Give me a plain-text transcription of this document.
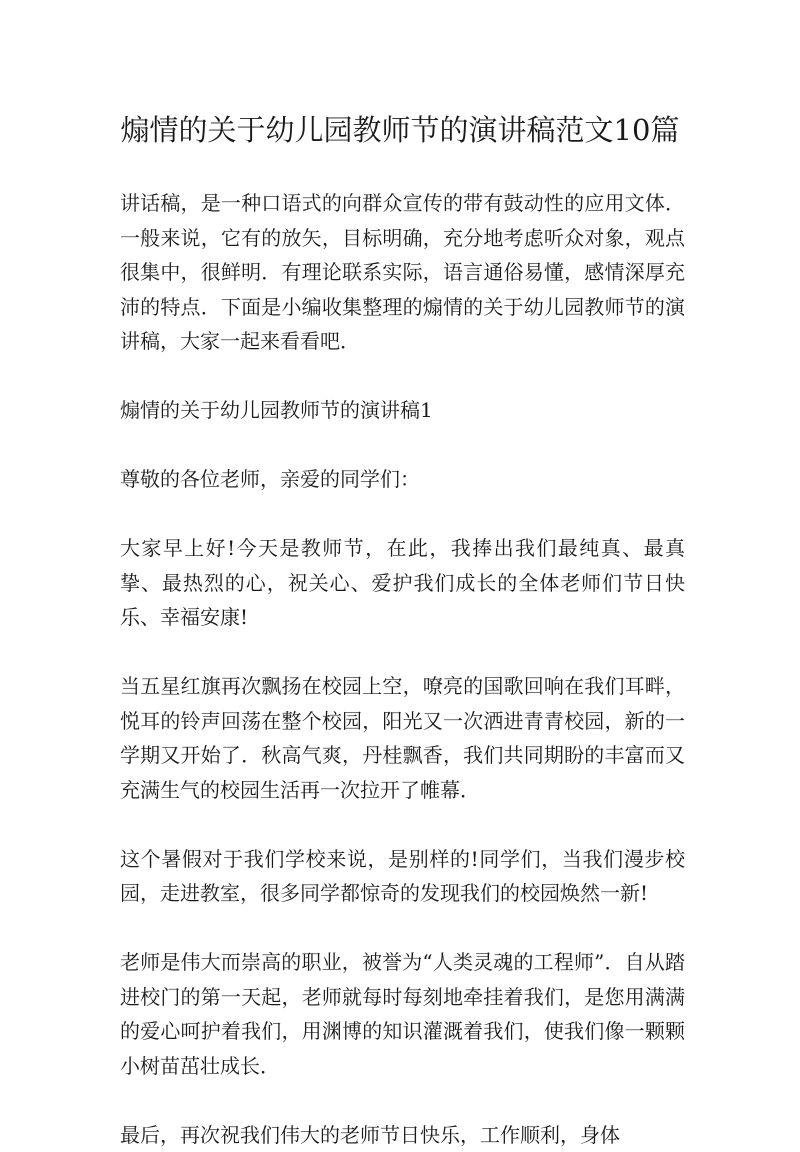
煽情的关于幼儿园教师节的演讲稿范文10篇

讲话稿，是一种口语式的向群众宣传的带有鼓动性的应用文体．一般来说，它有的放矢，目标明确，充分地考虑听众对象，观点很集中，很鲜明．有理论联系实际，语言通俗易懂，感情深厚充沛的特点．下面是小编收集整理的煽情的关于幼儿园教师节的演讲稿，大家一起来看看吧．

煽情的关于幼儿园教师节的演讲稿1

尊敬的各位老师，亲爱的同学们：

大家早上好!今天是教师节，在此，我捧出我们最纯真、最真挚、最热烈的心，祝关心、爱护我们成长的全体老师们节日快乐、幸福安康!

当五星红旗再次飘扬在校园上空，嘹亮的国歌回响在我们耳畔，悦耳的铃声回荡在整个校园，阳光又一次洒进青青校园，新的一学期又开始了．秋高气爽，丹桂飘香，我们共同期盼的丰富而又充满生气的校园生活再一次拉开了帷幕．

这个暑假对于我们学校来说，是别样的!同学们，当我们漫步校园，走进教室，很多同学都惊奇的发现我们的校园焕然一新!

老师是伟大而崇高的职业，被誉为“人类灵魂的工程师”．自从踏进校门的第一天起，老师就每时每刻地牵挂着我们，是您用满满的爱心呵护着我们，用渊博的知识灌溉着我们，使我们像一颗颗小树苗茁壮成长．

最后，再次祝我们伟大的老师节日快乐，工作顺利，身体
